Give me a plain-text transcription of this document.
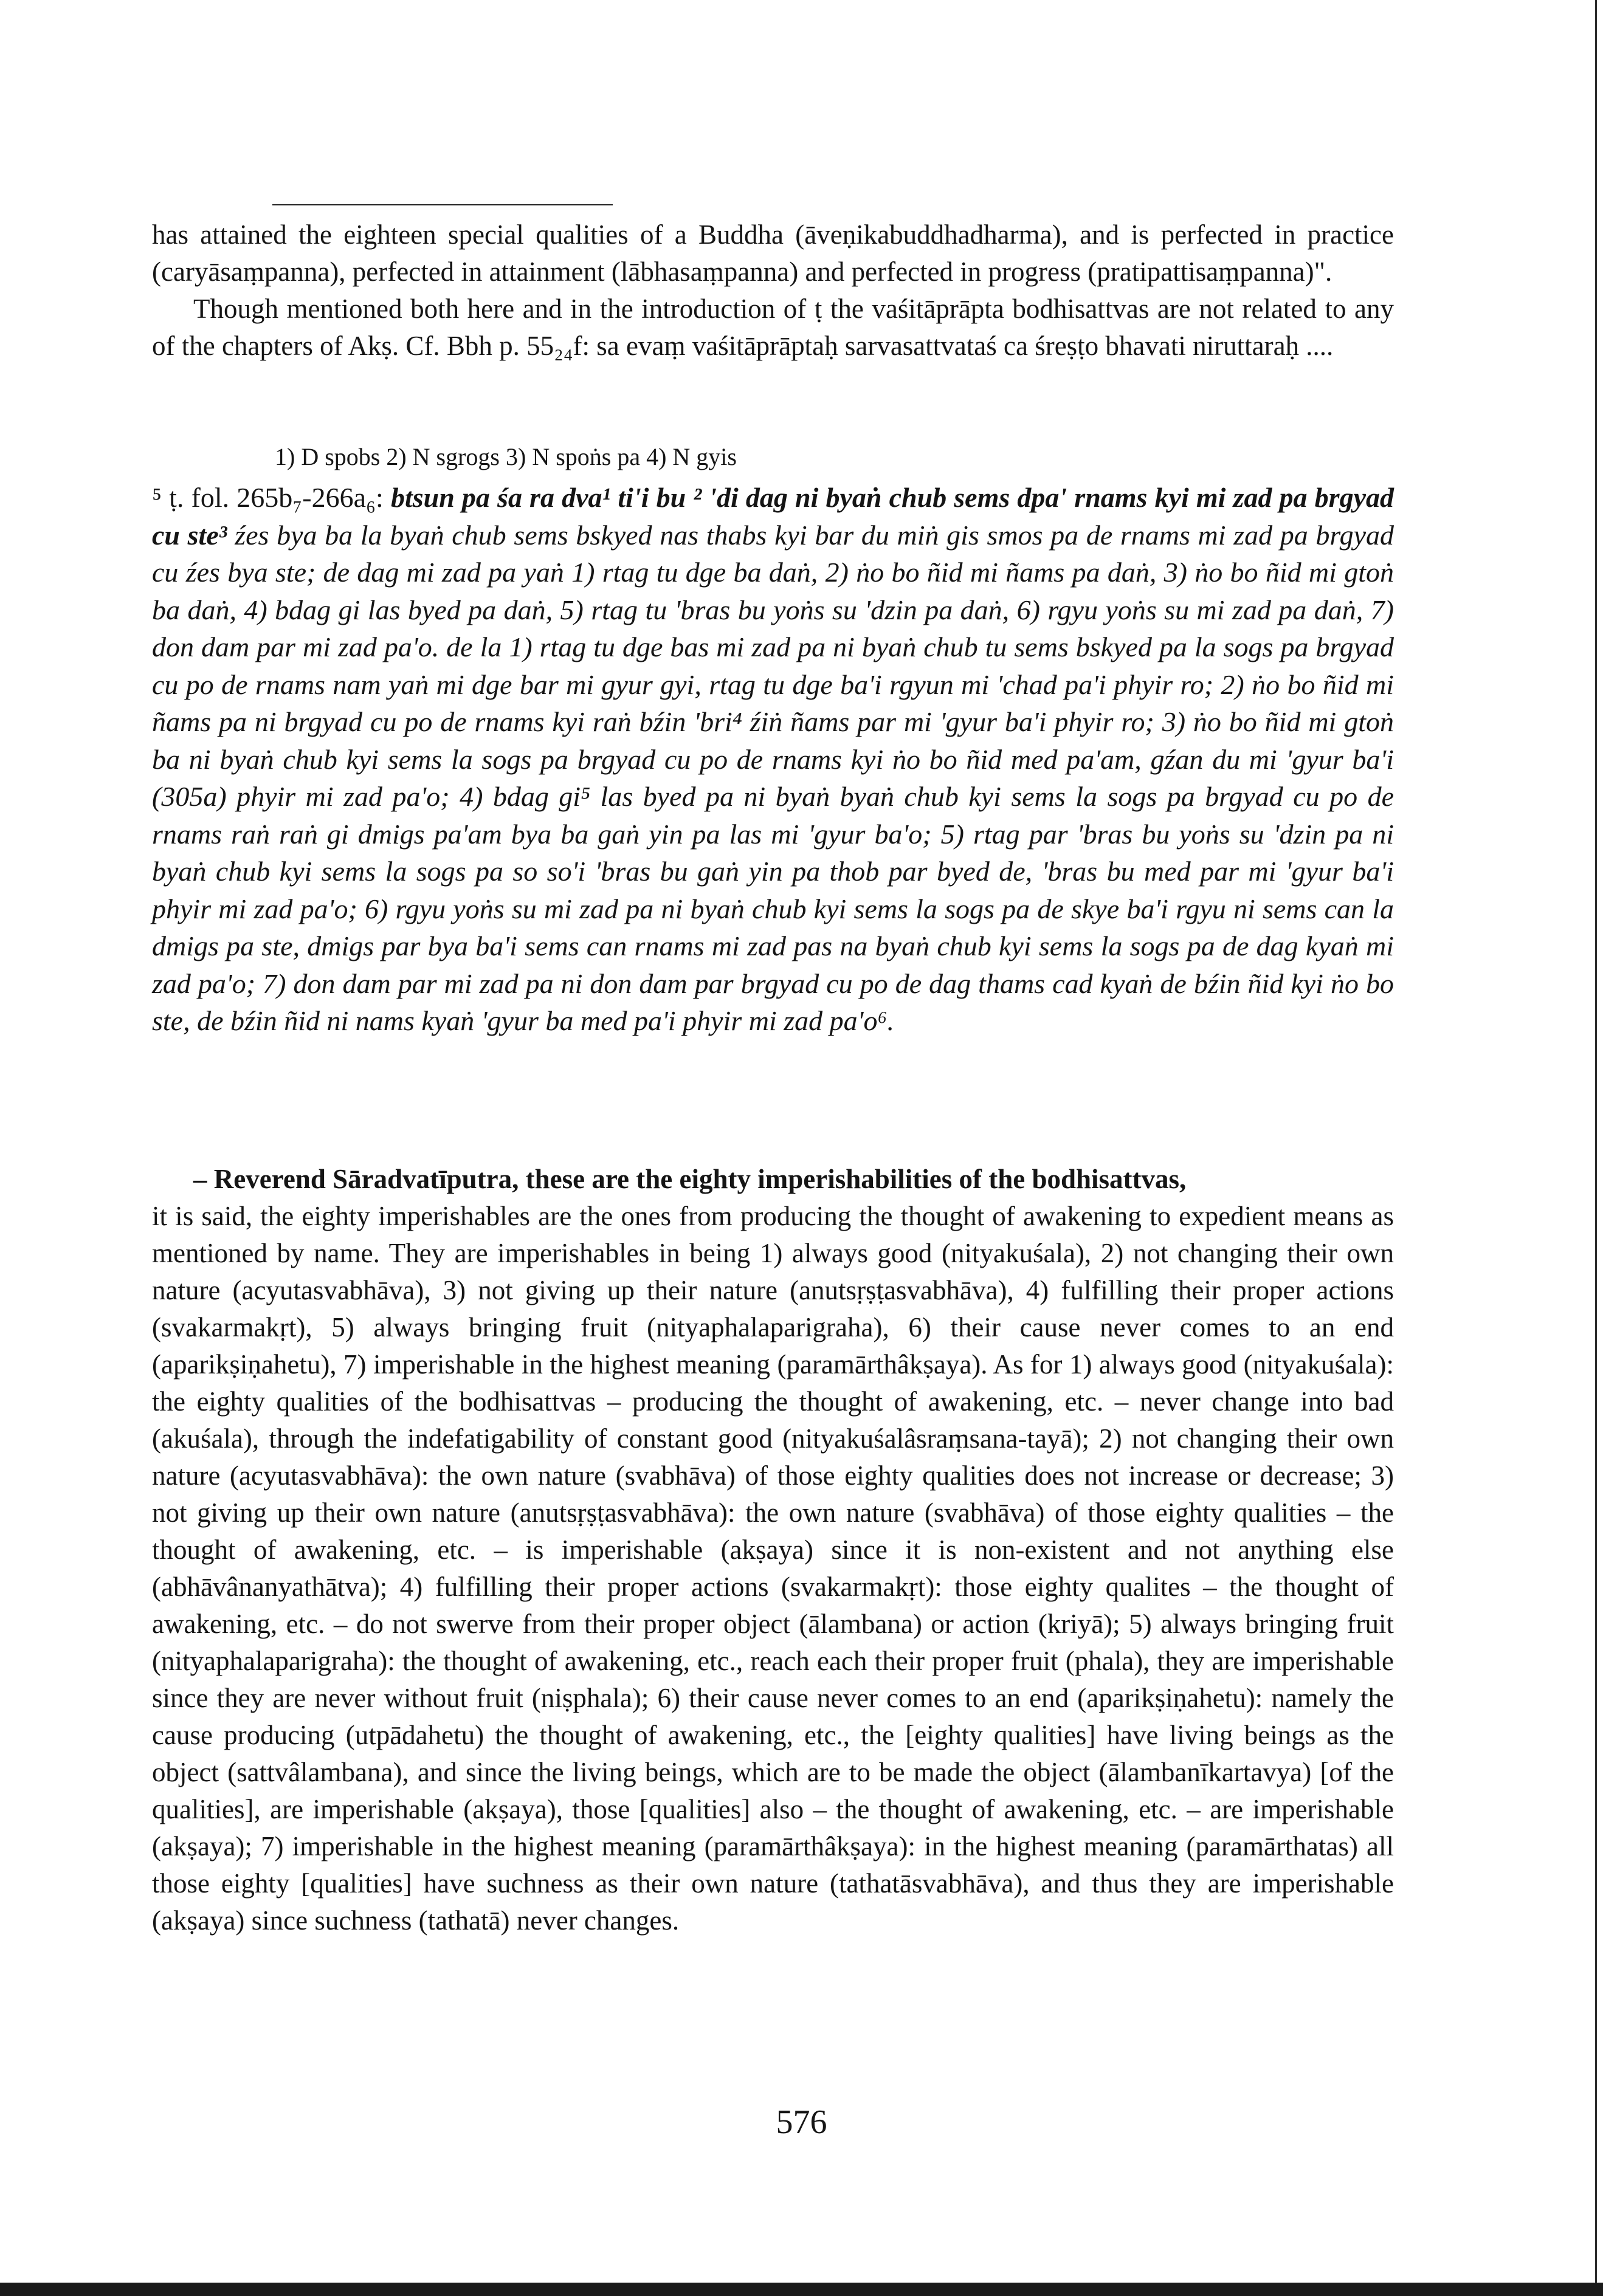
has attained the eighteen special qualities of a Buddha (āveṇikabuddhadharma), and is perfected in practice (caryāsaṃpanna), perfected in attainment (lābhasaṃpanna) and perfected in progress (pratipattisaṃpanna)".

Though mentioned both here and in the introduction of ṭ the vaśitāprāpta bodhisattvas are not related to any of the chapters of Akṣ. Cf. Bbh p. 55₂₄f: sa evaṃ vaśitāprāptaḥ sarvasattvataś ca śreṣṭo bhavati niruttaraḥ ....

1) D spobs 2) N sgrogs 3) N spoṅs pa 4) N gyis
⁵ ṭ. fol. 265b₇-266a₆: btsun pa śa ra dva¹ ti'i bu ² 'di dag ni byaṅ chub sems dpa' rnams kyi mi zad pa brgyad cu ste³ źes bya ba la byaṅ chub sems bskyed nas thabs kyi bar du miṅ gis smos pa de rnams mi zad pa brgyad cu źes bya ste; de dag mi zad pa yaṅ 1) rtag tu dge ba daṅ, 2) ṅo bo ñid mi ñams pa daṅ, 3) ṅo bo ñid mi gtoṅ ba daṅ, 4) bdag gi las byed pa daṅ, 5) rtag tu 'bras bu yoṅs su 'dzin pa daṅ, 6) rgyu yoṅs su mi zad pa daṅ, 7) don dam par mi zad pa'o. de la 1) rtag tu dge bas mi zad pa ni byaṅ chub tu sems bskyed pa la sogs pa brgyad cu po de rnams nam yaṅ mi dge bar mi gyur gyi, rtag tu dge ba'i rgyun mi 'chad pa'i phyir ro; 2) ṅo bo ñid mi ñams pa ni brgyad cu po de rnams kyi raṅ bźin 'bri⁴ źiṅ ñams par mi 'gyur ba'i phyir ro; 3) ṅo bo ñid mi gtoṅ ba ni byaṅ chub kyi sems la sogs pa brgyad cu po de rnams kyi ṅo bo ñid med pa'am, gźan du mi 'gyur ba'i (305a) phyir mi zad pa'o; 4) bdag gi⁵ las byed pa ni byaṅ byaṅ chub kyi sems la sogs pa brgyad cu po de rnams raṅ raṅ gi dmigs pa'am bya ba gaṅ yin pa las mi 'gyur ba'o; 5) rtag par 'bras bu yoṅs su 'dzin pa ni byaṅ chub kyi sems la sogs pa so so'i 'bras bu gaṅ yin pa thob par byed de, 'bras bu med par mi 'gyur ba'i phyir mi zad pa'o; 6) rgyu yoṅs su mi zad pa ni byaṅ chub kyi sems la sogs pa de skye ba'i rgyu ni sems can la dmigs pa ste, dmigs par bya ba'i sems can rnams mi zad pas na byaṅ chub kyi sems la sogs pa de dag kyaṅ mi zad pa'o; 7) don dam par mi zad pa ni don dam par brgyad cu po de dag thams cad kyaṅ de bźin ñid kyi ṅo bo ste, de bźin ñid ni nams kyaṅ 'gyur ba med pa'i phyir mi zad pa'o⁶.

– Reverend Sāradvatīputra, these are the eighty imperishabilities of the bodhisattvas,

it is said, the eighty imperishables are the ones from producing the thought of awakening to expedient means as mentioned by name. They are imperishables in being 1) always good (nityakuśala), 2) not changing their own nature (acyutasvabhāva), 3) not giving up their nature (anutsṛṣṭasvabhāva), 4) fulfilling their proper actions (svakarmakṛt), 5) always bringing fruit (nityaphalaparigraha), 6) their cause never comes to an end (aparikṣiṇahetu), 7) imperishable in the highest meaning (paramārthâkṣaya). As for 1) always good (nityakuśala): the eighty qualities of the bodhisattvas – producing the thought of awakening, etc. – never change into bad (akuśala), through the indefatigability of constant good (nityakuśalâsraṃsana-tayā); 2) not changing their own nature (acyutasvabhāva): the own nature (svabhāva) of those eighty qualities does not increase or decrease; 3) not giving up their own nature (anutsṛṣṭasvabhāva): the own nature (svabhāva) of those eighty qualities – the thought of awakening, etc. – is imperishable (akṣaya) since it is non-existent and not anything else (abhāvânanyathātva); 4) fulfilling their proper actions (svakarmakṛt): those eighty qualites – the thought of awakening, etc. – do not swerve from their proper object (ālambana) or action (kriyā); 5) always bringing fruit (nityaphalaparigraha): the thought of awakening, etc., reach each their proper fruit (phala), they are imperishable since they are never without fruit (niṣphala); 6) their cause never comes to an end (aparikṣiṇahetu): namely the cause producing (utpādahetu) the thought of awakening, etc., the [eighty qualities] have living beings as the object (sattvâlambana), and since the living beings, which are to be made the object (ālambanīkartavya) [of the qualities], are imperishable (akṣaya), those [qualities] also – the thought of awakening, etc. – are imperishable (akṣaya); 7) imperishable in the highest meaning (paramārthâkṣaya): in the highest meaning (paramārthatas) all those eighty [qualities] have suchness as their own nature (tathatāsvabhāva), and thus they are imperishable (akṣaya) since suchness (tathatā) never changes.

576
